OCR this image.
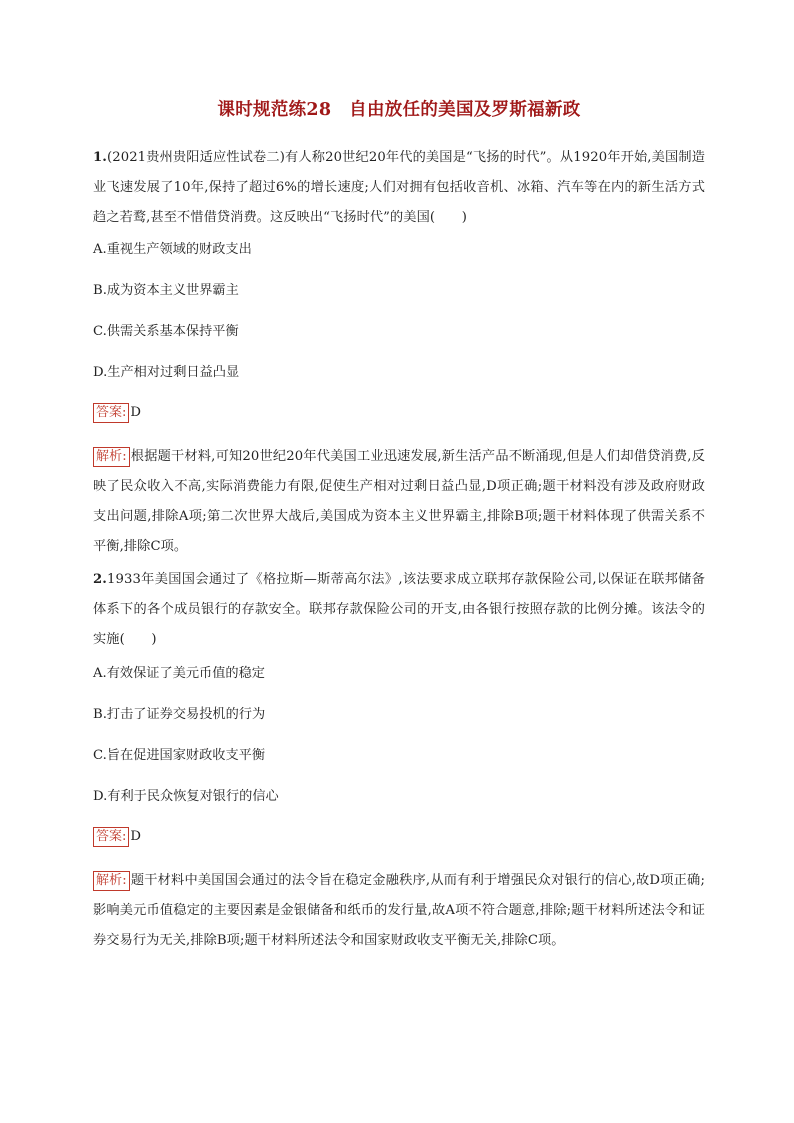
课时规范练28　自由放任的美国及罗斯福新政
1.(2021贵州贵阳适应性试卷二)有人称20世纪20年代的美国是“飞扬的时代”。从1920年开始,美国制造业飞速发展了10年,保持了超过6%的增长速度;人们对拥有包括收音机、冰箱、汽车等在内的新生活方式趋之若鹜,甚至不惜借贷消费。这反映出“飞扬时代”的美国(　　)
A.重视生产领域的财政支出
B.成为资本主义世界霸主
C.供需关系基本保持平衡
D.生产相对过剩日益凸显
答案: D
解析: 根据题干材料,可知20世纪20年代美国工业迅速发展,新生活产品不断涌现,但是人们却借贷消费,反映了民众收入不高,实际消费能力有限,促使生产相对过剩日益凸显,D项正确;题干材料没有涉及政府财政支出问题,排除A项;第二次世界大战后,美国成为资本主义世界霸主,排除B项;题干材料体现了供需关系不平衡,排除C项。
2.1933年美国国会通过了《格拉斯—斯蒂高尔法》,该法要求成立联邦存款保险公司,以保证在联邦储备体系下的各个成员银行的存款安全。联邦存款保险公司的开支,由各银行按照存款的比例分摊。该法令的实施(　　)
A.有效保证了美元币值的稳定
B.打击了证券交易投机的行为
C.旨在促进国家财政收支平衡
D.有利于民众恢复对银行的信心
答案: D
解析: 题干材料中美国国会通过的法令旨在稳定金融秩序,从而有利于增强民众对银行的信心,故D项正确;影响美元币值稳定的主要因素是金银储备和纸币的发行量,故A项不符合题意,排除;题干材料所述法令和证券交易行为无关,排除B项;题干材料所述法令和国家财政收支平衡无关,排除C项。
